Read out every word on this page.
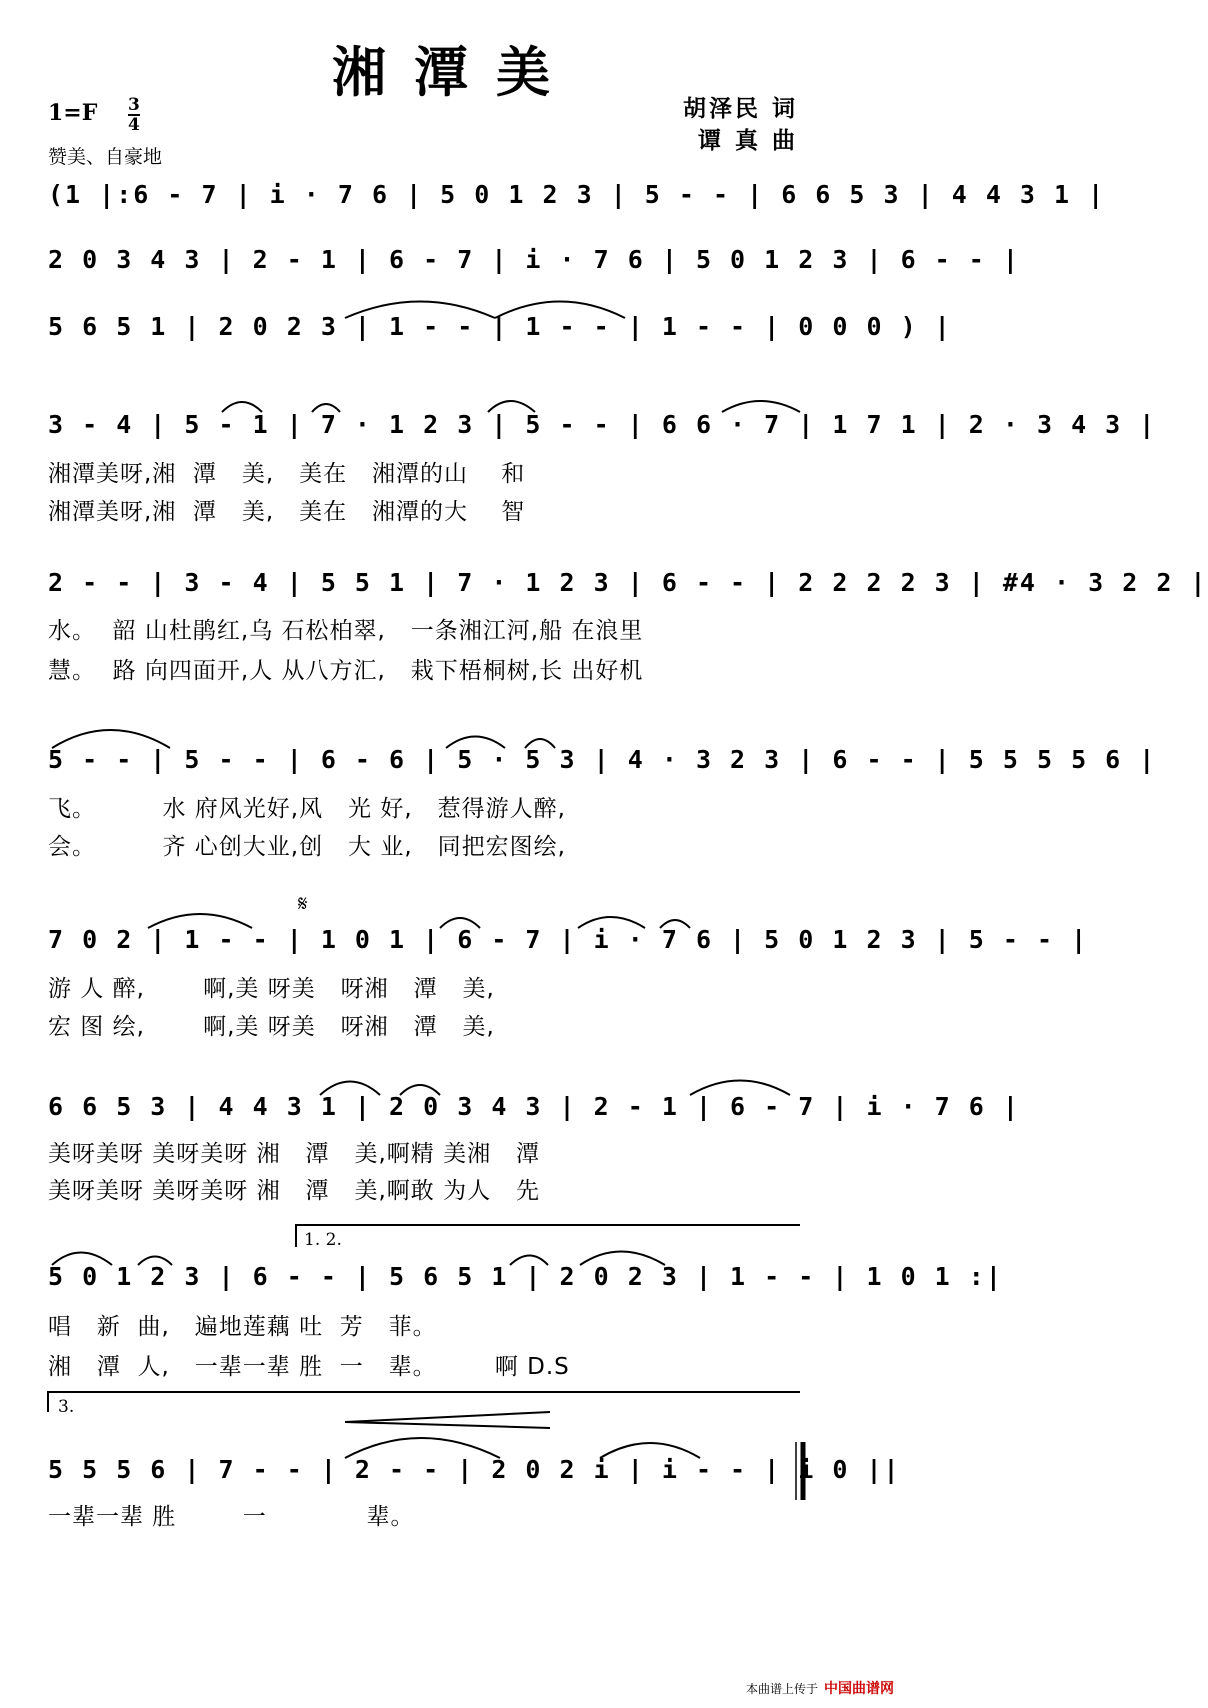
湘潭美
1=F 3
4
赞美、自豪地
胡泽民 词
谭 真 曲
(1 |:6 - 7 | i · 7 6 | 5 0 1 2 3 | 5 - - | 6 6 5 3 | 4 4 3 1 |
2 0 3 4 3 | 2 - 1 | 6 - 7 | i · 7 6 | 5 0 1 2 3 | 6 - - |
5 6 5 1 | 2 0 2 3 | 1 - - | 1 - - | 1 - - | 0 0 0 ) |
3 - 4 | 5 - 1 | 7 · 1 2 3 | 5 - - | 6 6 · 7 | 1 7 1 | 2 · 3 4 3 |
湘潭美呀,湘  潭   美,   美在   湘潭的山    和
湘潭美呀,湘  潭   美,   美在   湘潭的大    智
2 - - | 3 - 4 | 5 5 1 | 7 · 1 2 3 | 6 - - | 2 2 2 2 3 | #4 · 3 2 2 |
水。  韶 山杜鹃红,乌 石松柏翠,   一条湘江河,船 在浪里
慧。  路 向四面开,人 从八方汇,   栽下梧桐树,长 出好机
5 - - | 5 - - | 6 - 6 | 5 · 5 3 | 4 · 3 2 3 | 6 - - | 5 5 5 5 6 |
飞。        水 府风光好,风   光 好,   惹得游人醉,
会。        齐 心创大业,创   大 业,   同把宏图绘,
𝄋
7 0 2 | 1 - - | 1 0 1 | 6 - 7 | i · 7 6 | 5 0 1 2 3 | 5 - - |
游 人 醉,       啊,美 呀美   呀湘   潭   美,
宏 图 绘,       啊,美 呀美   呀湘   潭   美,
6 6 5 3 | 4 4 3 1 | 2 0 3 4 3 | 2 - 1 | 6 - 7 | i · 7 6 |
美呀美呀 美呀美呀 湘   潭   美,啊精 美湘   潭
美呀美呀 美呀美呀 湘   潭   美,啊敢 为人   先
1. 2.
5 0 1 2 3 | 6 - - | 5 6 5 1 | 2 0 2 3 | 1 - - | 1 0 1 :|
唱   新  曲,   遍地莲藕 吐  芳   菲。
湘   潭  人,   一辈一辈 胜  一   辈。       啊 D.S
3.
5 5 5 6 | 7 - - | 2 - - | 2 0 2 i | i - - | i 0 ||
一辈一辈 胜        一            辈。
本曲谱上传于 中国曲谱网
